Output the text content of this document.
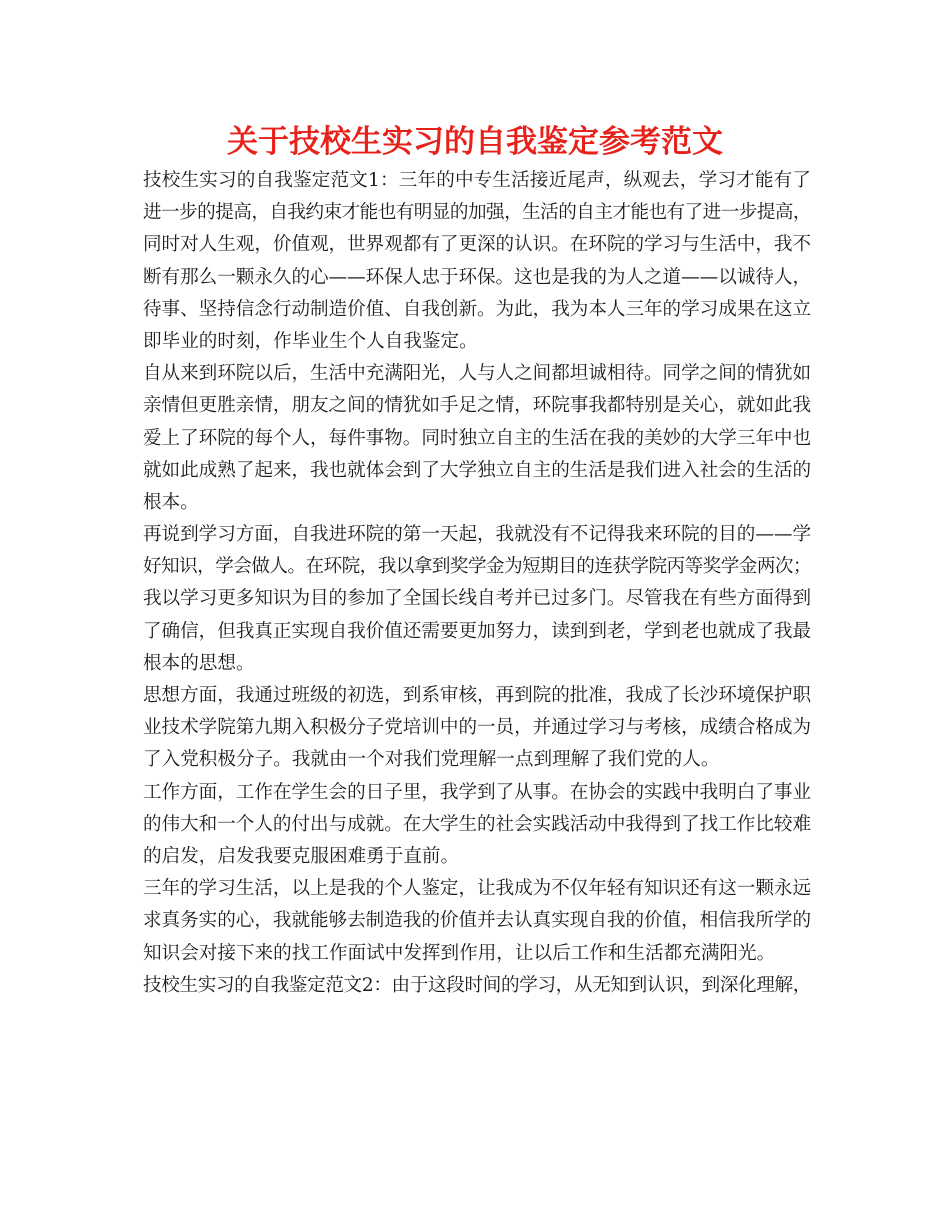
关于技校生实习的自我鉴定参考范文
技校生实习的自我鉴定范文1：三年的中专生活接近尾声，纵观去，学习才能有了
进一步的提高，自我约束才能也有明显的加强，生活的自主才能也有了进一步提高，
同时对人生观，价值观，世界观都有了更深的认识。在环院的学习与生活中，我不
断有那么一颗永久的心——环保人忠于环保。这也是我的为人之道——以诚待人，
待事、坚持信念行动制造价值、自我创新。为此，我为本人三年的学习成果在这立
即毕业的时刻，作毕业生个人自我鉴定。
自从来到环院以后，生活中充满阳光，人与人之间都坦诚相待。同学之间的情犹如
亲情但更胜亲情，朋友之间的情犹如手足之情，环院事我都特别是关心，就如此我
爱上了环院的每个人，每件事物。同时独立自主的生活在我的美妙的大学三年中也
就如此成熟了起来，我也就体会到了大学独立自主的生活是我们进入社会的生活的
根本。
再说到学习方面，自我进环院的第一天起，我就没有不记得我来环院的目的——学
好知识，学会做人。在环院，我以拿到奖学金为短期目的连获学院丙等奖学金两次；
我以学习更多知识为目的参加了全国长线自考并已过多门。尽管我在有些方面得到
了确信，但我真正实现自我价值还需要更加努力，读到到老，学到老也就成了我最
根本的思想。
思想方面，我通过班级的初选，到系审核，再到院的批准，我成了长沙环境保护职
业技术学院第九期入积极分子党培训中的一员，并通过学习与考核，成绩合格成为
了入党积极分子。我就由一个对我们党理解一点到理解了我们党的人。
工作方面，工作在学生会的日子里，我学到了从事。在协会的实践中我明白了事业
的伟大和一个人的付出与成就。在大学生的社会实践活动中我得到了找工作比较难
的启发，启发我要克服困难勇于直前。
三年的学习生活，以上是我的个人鉴定，让我成为不仅年轻有知识还有这一颗永远
求真务实的心，我就能够去制造我的价值并去认真实现自我的价值，相信我所学的
知识会对接下来的找工作面试中发挥到作用，让以后工作和生活都充满阳光。
技校生实习的自我鉴定范文2：由于这段时间的学习，从无知到认识，到深化理解，
